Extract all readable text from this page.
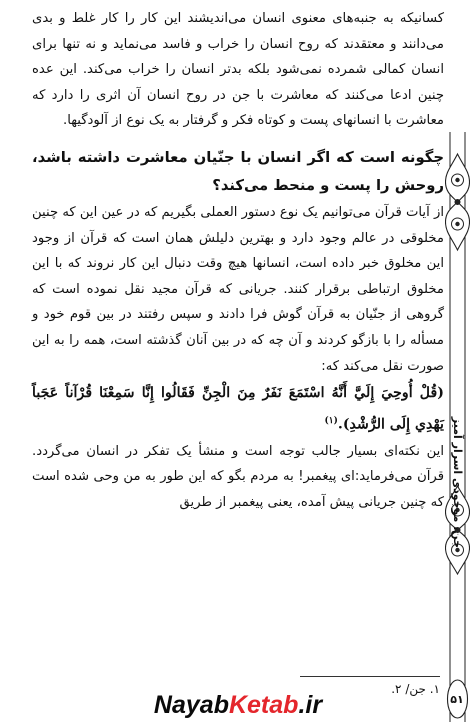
کسانیکه به جنبه‌های معنوی انسان می‌اندیشند این کار را کار غلط و بدی می‌دانند و معتقدند که روح انسان را خراب و فاسد می‌نماید و نه تنها برای انسان کمالی شمرده نمی‌شود بلکه بدتر انسان را خراب می‌کند. این عده چنین ادعا می‌کنند که معاشرت با جن در روح انسان آن اثری را دارد که معاشرت با انسانهای پست و کوتاه فکر و گرفتار به یک نوع از آلودگیها.

چگونه است که اگر انسان با جنّیان معاشرت داشته باشد، روحش را پست و منحط می‌کند؟

از آیات قرآن می‌توانیم یک نوع دستور العملی بگیریم که در عین این که چنین مخلوقی در عالم وجود دارد و بهترین دلیلش همان است که قرآن از وجود این مخلوق خبر داده است، انسانها هیچ وقت دنبال این کار نروند که با این مخلوق ارتباطی برقرار کنند. جریانی که قرآن مجید نقل نموده است که گروهی از جنّیان به قرآن گوش فرا دادند و سپس رفتند در بین قوم خود و مسأله را با بازگو کردند و آن چه که در بین آنان گذشته است، همه را به این صورت نقل می‌کند که:

(قُلْ أُوحِيَ إِلَيَّ أَنَّهُ اسْتَمَعَ نَفَرٌ مِنَ الْجِنِّ فَقَالُوا إِنَّا سَمِعْنَا قُرْآناً عَجَباً يَهْدِي إِلَى الرُّشْدِ).$^{(۱)}$

این نکته‌ای بسیار جالب توجه است و منشأ یک تفکر در انسان می‌گردد. قرآن می‌فرماید:ای پیغمبر! به مردم بگو که این طور به من وحی شده است که چنین جریانی پیش آمده، یعنی پیغمبر از طریق جن، موجودی اسرار آمیز
۱. جن/ ۲.
۵۱
NayabKetab.ir
